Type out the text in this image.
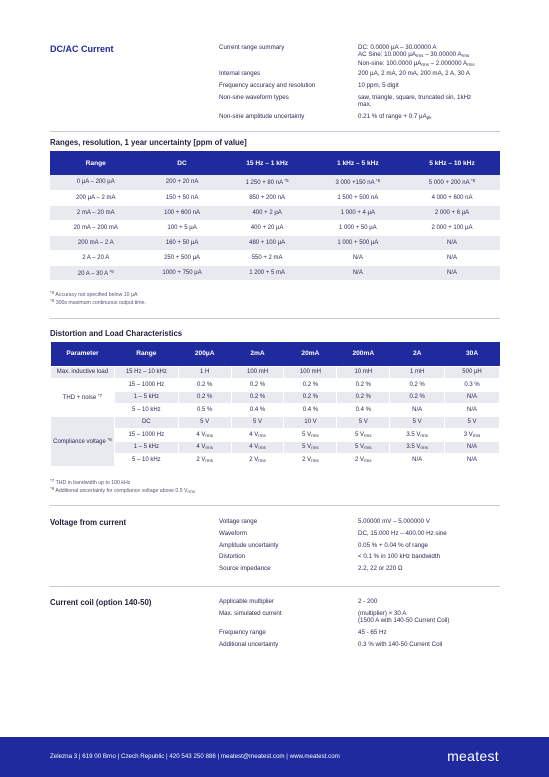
DC/AC Current	Current range summary	DC: 0.0000 µA – 30.00000 A
AC Sine: 10.0000 µA$_{rms}$ – 30.00000 $A_{rms}$
Non-sine: 100.0000 µA$_{rms}$ – 2.000000 $A_{rms}$
Internal ranges	200 µA, 2 mA, 20 mA, 200 mA, 2 A, 30 A
Frequency accuracy and resolution	10 ppm, 5 digit
Non-sine waveform types	saw, triangle, square, truncated sin, 1kHz
max.
Non-sine amplitude uncertainty	0.21 % of range + 0.7 µA$_{pk}$
Ranges, resolution, 1 year uncertainty [ppm of value]
Range	DC	15 Hz – 1 kHz	1 kHz – 5 kHz	5 kHz – 10 kHz
0 µA – 200 µA	200 + 20 nA	1 250 + 80 nA $^{*5}$	3 000 +150 nA $^{*5}$	5 000 + 200 nA $^{*5}$
200 µA – 2 mA	150 + 50 nA	850 + 200 nA	1 500 + 500 nA	4 000 + 600 nA
2 mA – 20 mA	100 + 600 nA	400 + 2 µA	1 000 + 4 µA	2 000 + 6 µA
20 mA – 200 mA	100 + 5 µA	400 + 20 µA	1 000 + 50 µA	2 000 + 100 µA
200 mA – 2 A	160 + 50 µA	480 + 100 µA	1 000 + 500 µA	N/A
2 A – 20 A	250 + 500 µA	550 + 2 mA	N/A	N/A
20 A – 30 A $^{*6}$	1000 + 750 µA	1 200 + 5 mA	N/A	N/A
$^{*5}$ Accuracy not specified below 10 µA
$^{*6}$ 300s maximum continuous output time.
Distortion and Load Characteristics
Parameter	Range	200µA	2mA	20mA	200mA	2A	30A
Max. inductive load	15 Hz – 10 kHz	1 H	100 mH	100 mH	10 mH	1 mH	500 µH
THD + noise $^{*7}$	15 – 1000 Hz	0.2 %	0.2 %	0.2 %	0.2 %	0.2 %	0.3 %
	1 – 5 kHz	0.2 %	0.2 %	0.2 %	0.2 %	0.2 %	N/A
	5 – 10 kHz	0.5 %	0.4 %	0.4 %	0.4 %	N/A	N/A
Compliance voltage $^{*8}$	DC	5 V	5 V	10 V	5 V	5 V	5 V
	15 – 1000 Hz	4 $V_{rms}$	4 $V_{rms}$	5 $V_{rms}$	5 $V_{rms}$	3.5 $V_{rms}$	3 $V_{rms}$
	1 – 5 kHz	4 $V_{rms}$	4 $V_{rms}$	5 $V_{rms}$	5 $V_{rms}$	3.5 $V_{rms}$	N/A
	5 – 10 kHz	2 $V_{rms}$	2 $V_{rms}$	2 $V_{rms}$	2 $V_{rms}$	N/A	N/A
$^{*7}$ THD in bandwidth up to 100 kHz
$^{*8}$ Additional uncertainty for compliance voltage above 0.5 $V_{rms}$
Voltage from current	Voltage range	5.00000 mV – 5.000000 V
Waveform	DC, 15.000 Hz – 400.00 Hz sine
Amplitude uncertainty	0.05 % + 0.04 % of range
Distortion	< 0.1 % in 100 kHz bandwidth
Source impedance	2.2, 22 or 220 Ω
Current coil (option 140-50)	Applicable multiplier	2 - 200
Max. simulated current	(multiplier) × 30 A
(1500 A with 140-50 Current Coil)
Frequency range	45 - 65 Hz
Additional uncertainty	0.3 % with 140-50 Current Coil
Zelezna 3 | 619 00 Brno | Czech Republic | 420 543 250 886 | meatest@meatest.com | www.meatest.com	meatest
